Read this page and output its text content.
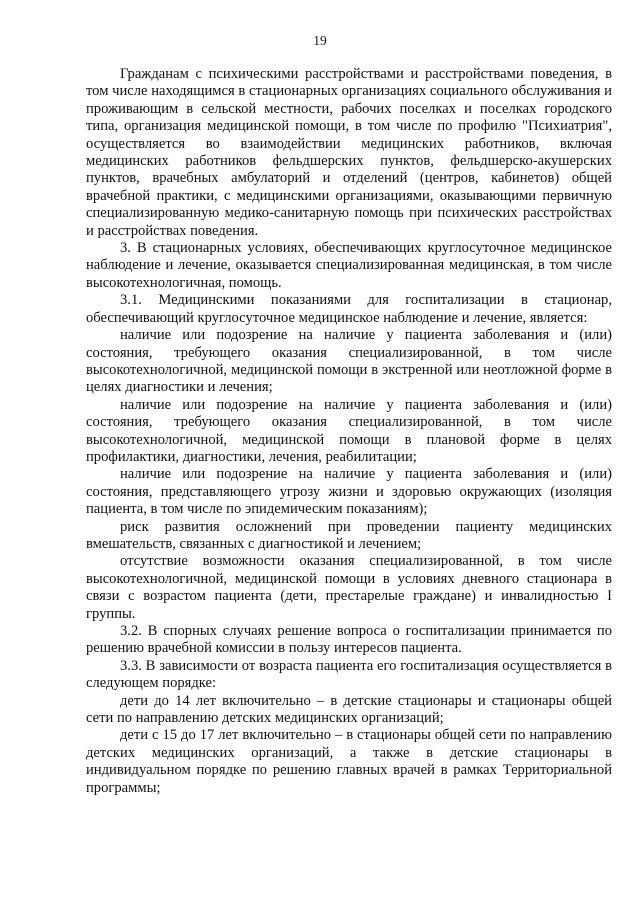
19

Гражданам с психическими расстройствами и расстройствами поведения, в том числе находящимся в стационарных организациях социального обслуживания и проживающим в сельской местности, рабочих поселках и поселках городского типа, организация медицинской помощи, в том числе по профилю "Психиатрия", осуществляется во взаимодействии медицинских работников, включая медицинских работников фельдшерских пунктов, фельдшерско-акушерских пунктов, врачебных амбулаторий и отделений (центров, кабинетов) общей врачебной практики, с медицинскими организациями, оказывающими первичную специализированную медико-санитарную помощь при психических расстройствах и расстройствах поведения.

3. В стационарных условиях, обеспечивающих круглосуточное медицинское наблюдение и лечение, оказывается специализированная медицинская, в том числе высокотехнологичная, помощь.

3.1. Медицинскими показаниями для госпитализации в стационар, обеспечивающий круглосуточное медицинское наблюдение и лечение, является:

наличие или подозрение на наличие у пациента заболевания и (или) состояния, требующего оказания специализированной, в том числе высокотехнологичной, медицинской помощи в экстренной или неотложной форме в целях диагностики и лечения;

наличие или подозрение на наличие у пациента заболевания и (или) состояния, требующего оказания специализированной, в том числе высокотехнологичной, медицинской помощи в плановой форме в целях профилактики, диагностики, лечения, реабилитации;

наличие или подозрение на наличие у пациента заболевания и (или) состояния, представляющего угрозу жизни и здоровью окружающих (изоляция пациента, в том числе по эпидемическим показаниям);

риск развития осложнений при проведении пациенту медицинских вмешательств, связанных с диагностикой и лечением;

отсутствие возможности оказания специализированной, в том числе высокотехнологичной, медицинской помощи в условиях дневного стационара в связи с возрастом пациента (дети, престарелые граждане) и инвалидностью I группы.

3.2. В спорных случаях решение вопроса о госпитализации принимается по решению врачебной комиссии в пользу интересов пациента.

3.3. В зависимости от возраста пациента его госпитализация осуществляется в следующем порядке:

дети до 14 лет включительно – в детские стационары и стационары общей сети по направлению детских медицинских организаций;

дети с 15 до 17 лет включительно – в стационары общей сети по направлению детских медицинских организаций, а также в детские стационары в индивидуальном порядке по решению главных врачей в рамках Территориальной программы;
